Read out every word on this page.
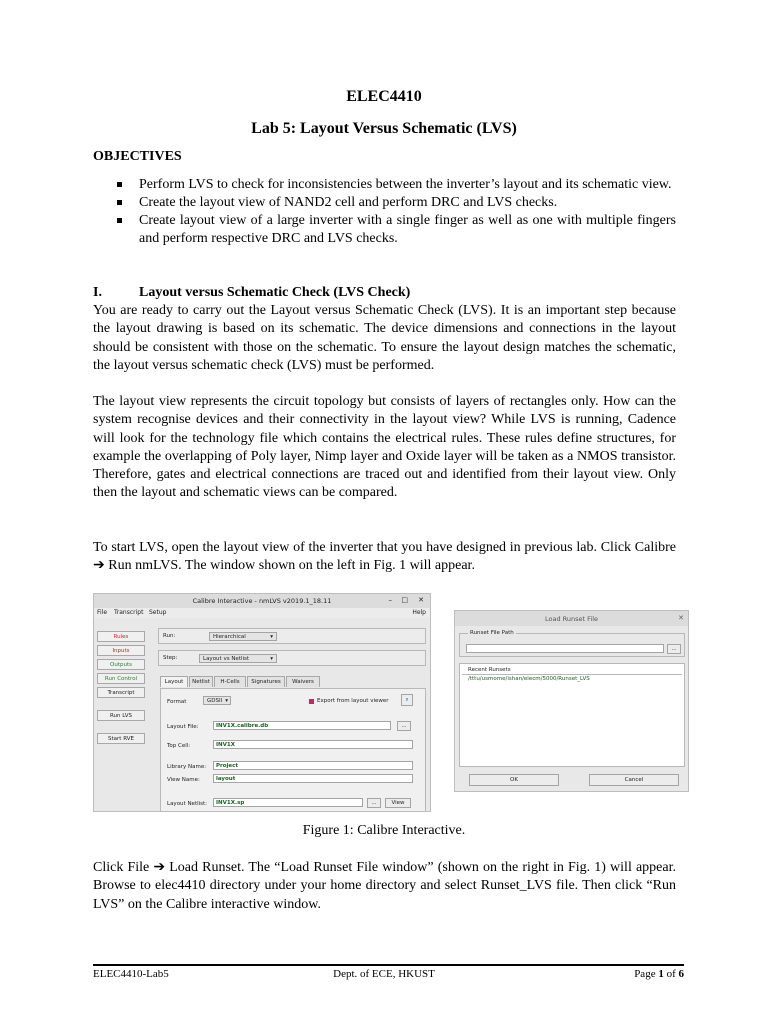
ELEC4410
Lab 5: Layout Versus Schematic (LVS)
OBJECTIVES
Perform LVS to check for inconsistencies between the inverter’s layout and its schematic view.
Create the layout view of NAND2 cell and perform DRC and LVS checks.
Create layout view of a large inverter with a single finger as well as one with multiple fingers and perform respective DRC and LVS checks.
I.	Layout versus Schematic Check (LVS Check)

You are ready to carry out the Layout versus Schematic Check (LVS). It is an important step because the layout drawing is based on its schematic. The device dimensions and connections in the layout should be consistent with those on the schematic. To ensure the layout design matches the schematic, the layout versus schematic check (LVS) must be performed.

The layout view represents the circuit topology but consists of layers of rectangles only. How can the system recognise devices and their connectivity in the layout view? While LVS is running, Cadence will look for the technology file which contains the electrical rules. These rules define structures, for example the overlapping of Poly layer, Nimp layer and Oxide layer will be taken as a NMOS transistor. Therefore, gates and electrical connections are traced out and identified from their layout view. Only then the layout and schematic views can be compared.

To start LVS, open the layout view of the inverter that you have designed in previous lab. Click Calibre ➔ Run nmLVS. The window shown on the left in Fig. 1 will appear.

Calibre Interactive - nmLVS v2019.1_18.11	– □ ✕
File Transcript Setup	Help
Rules
Inputs
Outputs
Run Control
Transcript
Run LVS
Start RVE
Run:	Hierarchical	▾
Step:	Layout vs Netlist	▾
Layout	Netlist	H-Cells	Signatures	Waivers
Format	GDSII ▾	Export from layout viewer	⌕
Layout File:	INV1X.calibre.db	...
Top Cell:	INV1X
Library Name:	Project
View Name:	layout
Layout Netlist:	INV1X.sp	...	View
Load Runset File	✕
Runset File Path
...
Recent Runsets
/tttu/usmome/ishan/elecm/5000/Runset_LVS
OK	Cancel
Figure 1: Calibre Interactive.

Click File ➔ Load Runset. The “Load Runset File window” (shown on the right in Fig. 1) will appear. Browse to elec4410 directory under your home directory and select Runset_LVS file. Then click “Run LVS” on the Calibre interactive window.

ELEC4410-Lab5	Dept. of ECE, HKUST	Page 1 of 6
